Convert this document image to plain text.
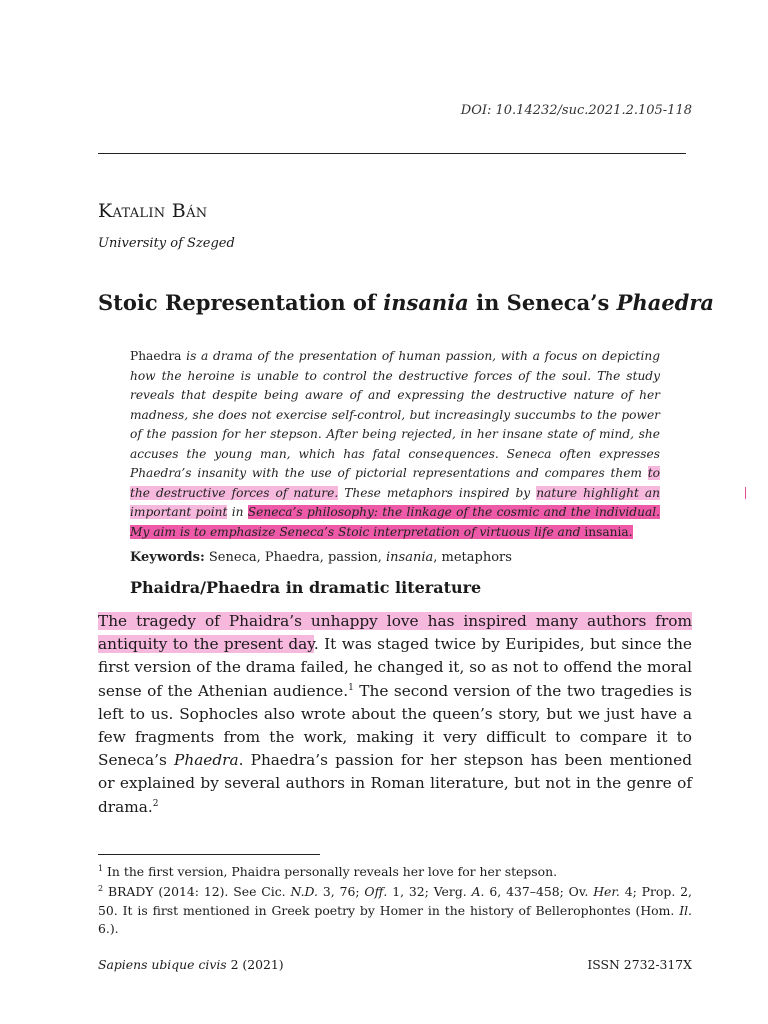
DOI: 10.14232/suc.2021.2.105-118
Katalin Bán
University of Szeged
Stoic Representation of insania in Seneca’s Phaedra
Phaedra is a drama of the presentation of human passion, with a focus on depicting how the heroine is unable to control the destructive forces of the soul. The study reveals that despite being aware of and expressing the destructive nature of her madness, she does not exercise self-control, but increasingly succumbs to the power of the passion for her stepson. After being rejected, in her insane state of mind, she accuses the young man, which has fatal consequences. Seneca often expresses Phaedra’s insanity with the use of pictorial representations and compares them to the destructive forces of nature. These metaphors inspired by nature highlight an important point in Seneca’s philosophy: the linkage of the cosmic and the individual. My aim is to emphasize Seneca’s Stoic interpretation of virtuous life and insania.
Keywords: Seneca, Phaedra, passion, insania, metaphors
Phaidra/Phaedra in dramatic literature
The tragedy of Phaidra’s unhappy love has inspired many authors from antiquity to the present day. It was staged twice by Euripides, but since the first version of the drama failed, he changed it, so as not to offend the moral sense of the Athenian audience.$^1$ The second version of the two tragedies is left to us. Sophocles also wrote about the queen’s story, but we just have a few fragments from the work, making it very difficult to compare it to Seneca’s Phaedra. Phaedra’s passion for her stepson has been mentioned or explained by several authors in Roman literature, but not in the genre of drama.$^2$
$^1$ In the first version, Phaidra personally reveals her love for her stepson.
$^2$ BRADY (2014: 12). See Cic. N.D. 3, 76; Off. 1, 32; Verg. A. 6, 437–458; Ov. Her. 4; Prop. 2, 50. It is first mentioned in Greek poetry by Homer in the history of Bellerophontes (Hom. Il. 6.).
Sapiens ubique civis 2 (2021)	ISSN 2732-317X
